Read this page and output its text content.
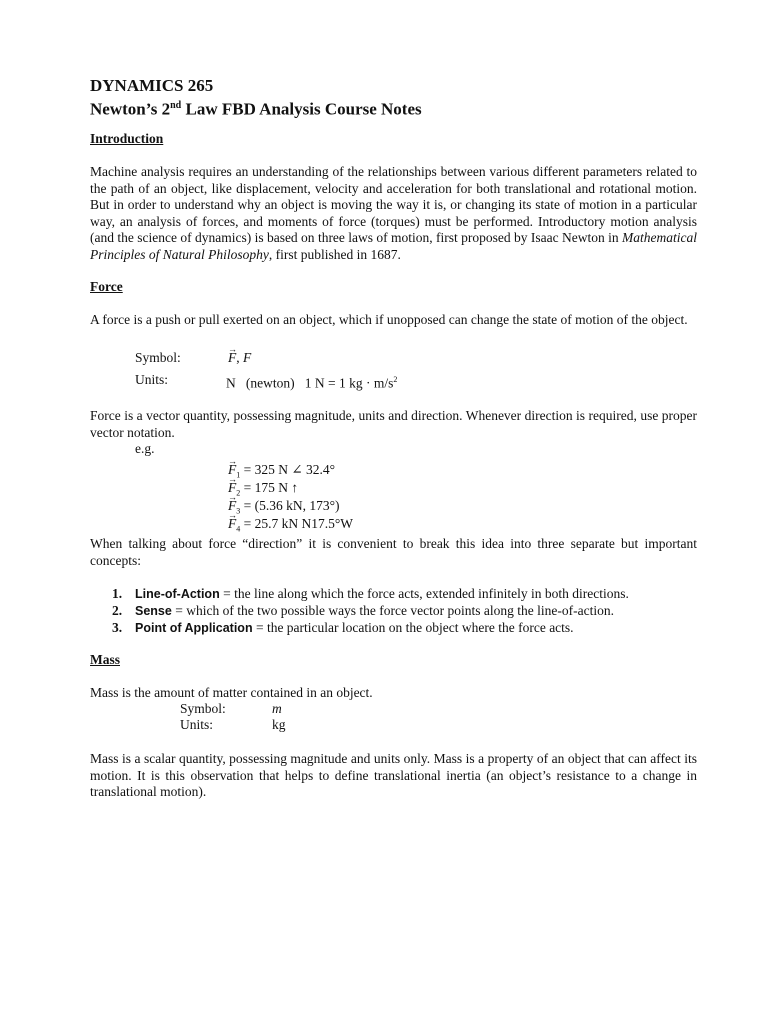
DYNAMICS 265
Newton’s 2nd Law FBD Analysis Course Notes
Introduction
Machine analysis requires an understanding of the relationships between various different parameters related to the path of an object, like displacement, velocity and acceleration for both translational and rotational motion. But in order to understand why an object is moving the way it is, or changing its state of motion in a particular way, an analysis of forces, and moments of force (torques) must be performed. Introductory motion analysis (and the science of dynamics) is based on three laws of motion, first proposed by Isaac Newton in Mathematical Principles of Natural Philosophy, first published in 1687.
Force
A force is a push or pull exerted on an object, which if unopposed can change the state of motion of the object.
Symbol:
→	F, F
Units:	N (newton) 1 N = 1 kg · $m/s^2$
Force is a vector quantity, possessing magnitude, units and direction. Whenever direction is required, use proper vector notation.
e.g.
→ $F_1 = 325$ N ∠ 32.4°
→ $F_2 = 175$ N ↑
→ $F_3 = (5.36$ kN, 173°)
→ $F_4 = 25.7$ kN N17.5°W
When talking about force “direction” it is convenient to break this idea into three separate but important concepts:
1. Line-of-Action = the line along which the force acts, extended infinitely in both directions.
2. Sense = which of the two possible ways the force vector points along the line-of-action.
3. Point of Application = the particular location on the object where the force acts.
Mass
Mass is the amount of matter contained in an object.
Symbol:	m
Units:	kg
Mass is a scalar quantity, possessing magnitude and units only. Mass is a property of an object that can affect its motion. It is this observation that helps to define translational inertia (an object’s resistance to a change in translational motion).
